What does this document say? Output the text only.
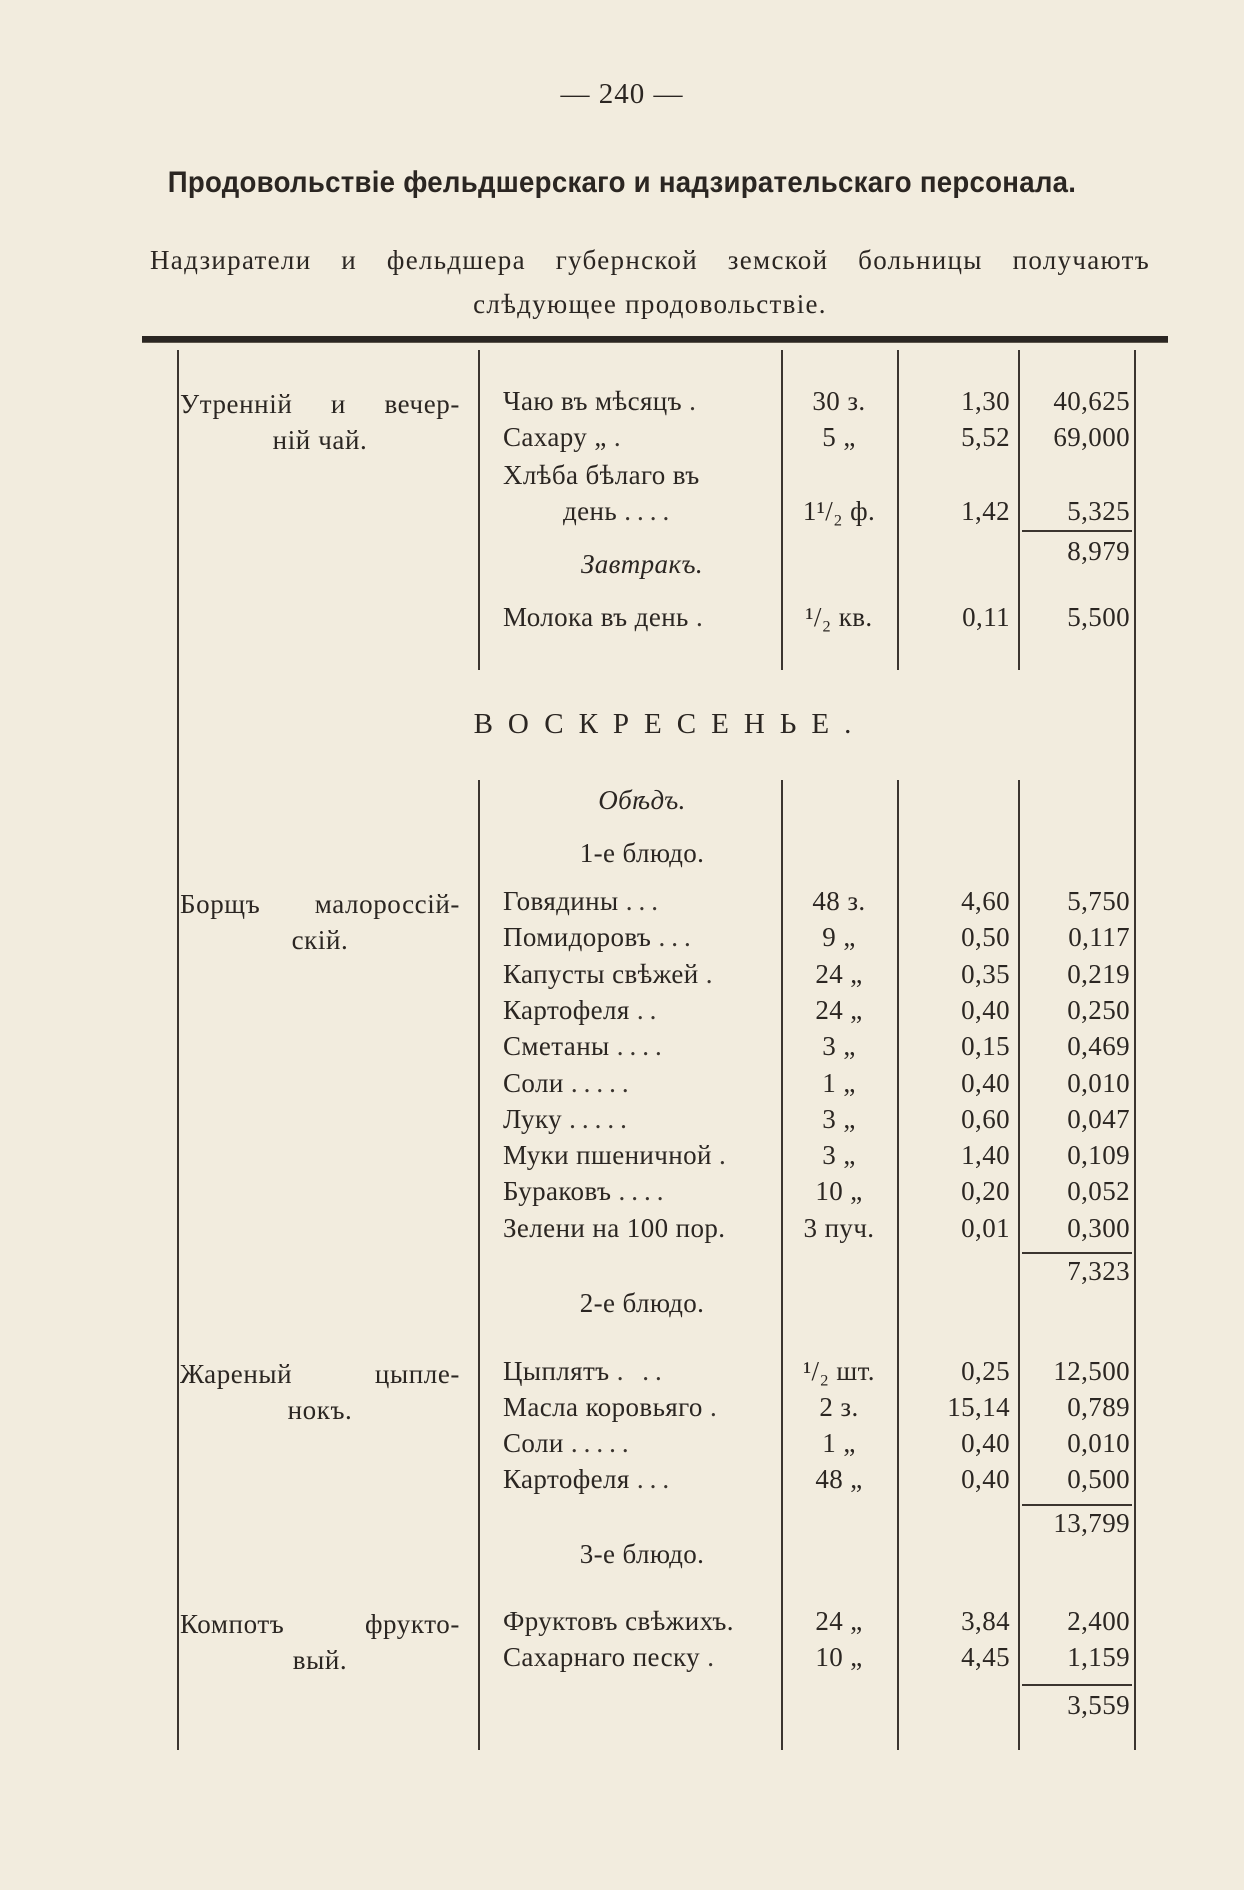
— 240 —
Продовольствіе фельдшерскаго и надзирательскаго персонала.
Надзиратели и фельдшера губернской земской больницы получаютъ слѣдующее продовольствіе.
Утренній и вечер-
ній чай.
Чаю въ мѣсяцъ .	30 з.	1,30	40,625
Сахару „ .	5 „	5,52	69,000
Хлѣба бѣлаго въ
день ....	1¹/₂ ф.	1,42	5,325
8,979
Завтракъ.
Молока въ день .	¹/₂ кв.	0,11	5,500
ВОСКРЕСЕНЬЕ.
Обѣдъ.
1-е блюдо.
Борщъ малороссій-
скій.
Говядины ...	48 з.	4,60	5,750
Помидоровъ ...	9 „	0,50	0,117
Капусты свѣжей .	24 „	0,35	0,219
Картофеля ..	24 „	0,40	0,250
Сметаны ....	3 „	0,15	0,469
Соли .....	1 „	0,40	0,010
Луку .....	3 „	0,60	0,047
Муки пшеничной .	3 „	1,40	0,109
Бураковъ ....	10 „	0,20	0,052
Зелени на 100 пор.	3 пуч.	0,01	0,300
7,323
2-е блюдо.
Жареный цыпле-
нокъ.
Цыплятъ . ..	¹/₂ шт.	0,25	12,500
Масла коровьяго .	2 з.	15,14	0,789
Соли .....	1 „	0,40	0,010
Картофеля ...	48 „	0,40	0,500
13,799
3-е блюдо.
Компотъ фрукто-
вый.
Фруктовъ свѣжихъ.	24 „	3,84	2,400
Сахарнаго песку .	10 „	4,45	1,159
3,559
